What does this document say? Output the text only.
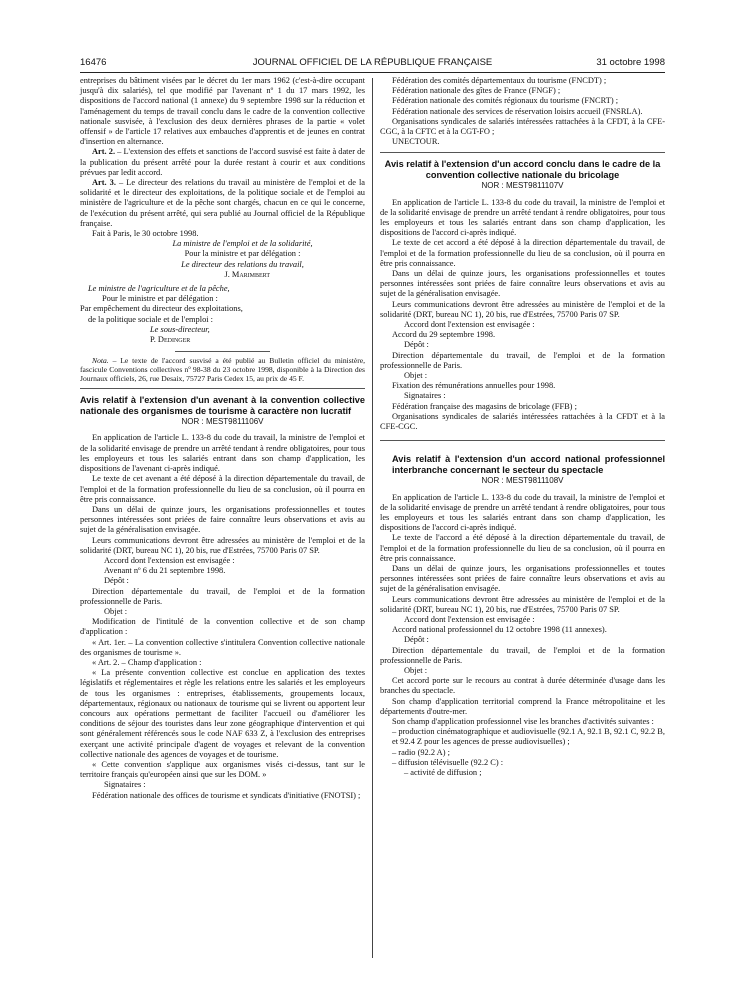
16476	JOURNAL OFFICIEL DE LA RÉPUBLIQUE FRANÇAISE	31 octobre 1998

entreprises du bâtiment visées par le décret du 1er mars 1962 (c'est-à-dire occupant jusqu'à dix salariés), tel que modifié par l'avenant nº 1 du 17 mars 1992, les dispositions de l'accord national (1 annexe) du 9 septembre 1998 sur la réduction et l'aménagement du temps de travail conclu dans le cadre de la convention collective nationale susvisée, à l'exclusion des deux dernières phrases de la partie « volet offensif » de l'article 17 relatives aux embauches d'apprentis et de jeunes en contrat d'insertion en alternance.

Art. 2. – L'extension des effets et sanctions de l'accord susvisé est faite à dater de la publication du présent arrêté pour la durée restant à courir et aux conditions prévues par ledit accord.

Art. 3. – Le directeur des relations du travail au ministère de l'emploi et de la solidarité et le directeur des exploitations, de la politique sociale et de l'emploi au ministère de l'agriculture et de la pêche sont chargés, chacun en ce qui le concerne, de l'exécution du présent arrêté, qui sera publié au Journal officiel de la République française.

Fait à Paris, le 30 octobre 1998.

La ministre de l'emploi et de la solidarité,

Pour la ministre et par délégation :

Le directeur des relations du travail,

J. Marimbert

Le ministre de l'agriculture et de la pêche,

Pour le ministre et par délégation :

Par empêchement du directeur des exploitations,

de la politique sociale et de l'emploi :

Le sous-directeur,

P. Dedinger

Nota. – Le texte de l'accord susvisé a été publié au Bulletin officiel du ministère, fascicule Conventions collectives nº 98-38 du 23 octobre 1998, disponible à la Direction des Journaux officiels, 26, rue Desaix, 75727 Paris Cedex 15, au prix de 45 F.

Avis relatif à l'extension d'un avenant à la convention collective nationale des organismes de tourisme à caractère non lucratif

NOR : MEST9811106V

En application de l'article L. 133-8 du code du travail, la ministre de l'emploi et de la solidarité envisage de prendre un arrêté tendant à rendre obligatoires, pour tous les employeurs et tous les salariés entrant dans son champ d'application, les dispositions de l'avenant ci-après indiqué.

Le texte de cet avenant a été déposé à la direction départementale du travail, de l'emploi et de la formation professionnelle du lieu de sa conclusion, où il pourra en être pris connaissance.

Dans un délai de quinze jours, les organisations professionnelles et toutes personnes intéressées sont priées de faire connaître leurs observations et avis au sujet de la généralisation envisagée.

Leurs communications devront être adressées au ministère de l'emploi et de la solidarité (DRT, bureau NC 1), 20 bis, rue d'Estrées, 75700 Paris 07 SP.

Accord dont l'extension est envisagée :

Avenant nº 6 du 21 septembre 1998.

Dépôt :

Direction départementale du travail, de l'emploi et de la formation professionnelle de Paris.

Objet :

Modification de l'intitulé de la convention collective et de son champ d'application :

« Art. 1er. – La convention collective s'intitulera Convention collective nationale des organismes de tourisme ».

« Art. 2. – Champ d'application :

« La présente convention collective est conclue en application des textes législatifs et réglementaires et règle les relations entre les salariés et les employeurs de tous les organismes : entreprises, établissements, groupements locaux, départementaux, régionaux ou nationaux de tourisme qui se livrent ou apportent leur concours aux opérations permettant de faciliter l'accueil ou d'améliorer les conditions de séjour des touristes dans leur zone géographique d'intervention et qui sont généralement référencés sous le code NAF 633 Z, à l'exclusion des entreprises exerçant une activité principale d'agent de voyages et relevant de la convention collective nationale des agences de voyages et de tourisme.

« Cette convention s'applique aux organismes visés ci-dessus, tant sur le territoire français qu'européen ainsi que sur les DOM. »

Signataires :

Fédération nationale des offices de tourisme et syndicats d'initiative (FNOTSI) ;

Fédération des comités départementaux du tourisme (FNCDT) ;

Fédération nationale des gîtes de France (FNGF) ;

Fédération nationale des comités régionaux du tourisme (FNCRT) ;

Fédération nationale des services de réservation loisirs accueil (FNSRLA).

Organisations syndicales de salariés intéressées rattachées à la CFDT, à la CFE-CGC, à la CFTC et à la CGT-FO ;

UNECTOUR.

Avis relatif à l'extension d'un accord conclu dans le cadre de la convention collective nationale du bricolage

NOR : MEST9811107V

En application de l'article L. 133-8 du code du travail, la ministre de l'emploi et de la solidarité envisage de prendre un arrêté tendant à rendre obligatoires, pour tous les employeurs et tous les salariés entrant dans son champ d'application, les dispositions de l'accord ci-après indiqué.

Le texte de cet accord a été déposé à la direction départementale du travail, de l'emploi et de la formation professionnelle du lieu de sa conclusion, où il pourra en être pris connaissance.

Dans un délai de quinze jours, les organisations professionnelles et toutes personnes intéressées sont priées de faire connaître leurs observations et avis au sujet de la généralisation envisagée.

Leurs communications devront être adressées au ministère de l'emploi et de la solidarité (DRT, bureau NC 1), 20 bis, rue d'Estrées, 75700 Paris 07 SP.

Accord dont l'extension est envisagée :

Accord du 29 septembre 1998.

Dépôt :

Direction départementale du travail, de l'emploi et de la formation professionnelle de Paris.

Objet :

Fixation des rémunérations annuelles pour 1998.

Signataires :

Fédération française des magasins de bricolage (FFB) ;

Organisations syndicales de salariés intéressées rattachées à la CFDT et à la CFE-CGC.

Avis relatif à l'extension d'un accord national professionnel interbranche concernant le secteur du spectacle

NOR : MEST9811108V

En application de l'article L. 133-8 du code du travail, la ministre de l'emploi et de la solidarité envisage de prendre un arrêté tendant à rendre obligatoires, pour tous les employeurs et tous les salariés entrant dans son champ d'application, les dispositions de l'accord ci-après indiqué.

Le texte de l'accord a été déposé à la direction départementale du travail, de l'emploi et de la formation professionnelle du lieu de sa conclusion, où il pourra en être pris connaissance.

Dans un délai de quinze jours, les organisations professionnelles et toutes personnes intéressées sont priées de faire connaître leurs observations et avis au sujet de la généralisation envisagée.

Leurs communications devront être adressées au ministère de l'emploi et de la solidarité (DRT, bureau NC 1), 20 bis, rue d'Estrées, 75700 Paris 07 SP.

Accord dont l'extension est envisagée :

Accord national professionnel du 12 octobre 1998 (11 annexes).

Dépôt :

Direction départementale du travail, de l'emploi et de la formation professionnelle de Paris.

Objet :

Cet accord porte sur le recours au contrat à durée déterminée d'usage dans les branches du spectacle.

Son champ d'application territorial comprend la France métropolitaine et les départements d'outre-mer.

Son champ d'application professionnel vise les branches d'activités suivantes :

– production cinématographique et audiovisuelle (92.1 A, 92.1 B, 92.1 C, 92.2 B, et 92.4 Z pour les agences de presse audiovisuelles) ;

– radio (92.2 A) ;

– diffusion télévisuelle (92.2 C) :

– activité de diffusion ;
